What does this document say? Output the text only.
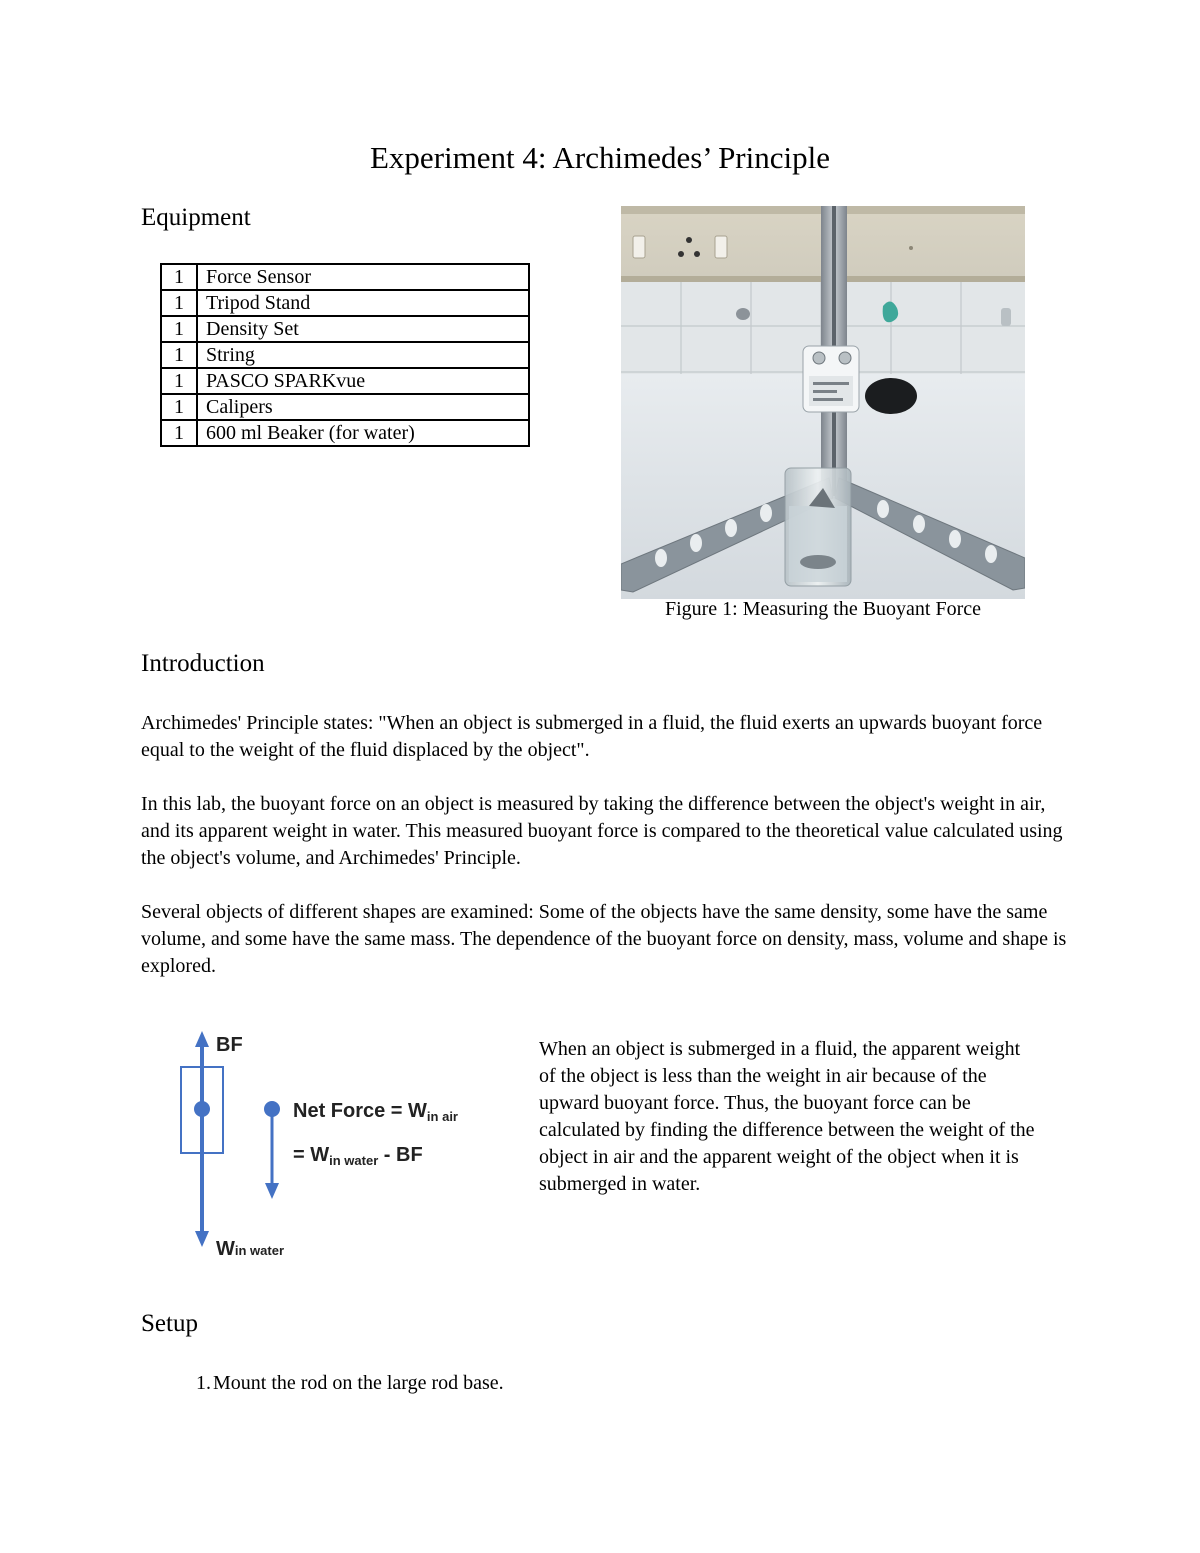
Experiment 4: Archimedes’ Principle
Equipment
1	Force Sensor
1	Tripod Stand
1	Density Set
1	String
1	PASCO SPARKvue
1	Calipers
1	600 ml Beaker (for water)
Figure 1: Measuring the Buoyant Force
Introduction
Archimedes' Principle states: "When an object is submerged in a fluid, the fluid exerts an upwards buoyant force equal to the weight of the fluid displaced by the object".
In this lab, the buoyant force on an object is measured by taking the difference between the object's weight in air, and its apparent weight in water. This measured buoyant force is compared to the theoretical value calculated using the object's volume, and Archimedes' Principle.
Several objects of different shapes are examined: Some of the objects have the same density, some have the same volume, and some have the same mass. The dependence of the buoyant force on density, mass, volume and shape is explored.
BF
Net Force = $W_{in air}$
= $W_{in water}$ - BF
Win water
When an object is submerged in a fluid, the apparent weight of the object is less than the weight in air because of the upward buoyant force. Thus, the buoyant force can be calculated by finding the difference between the weight of the object in air and the apparent weight of the object when it is submerged in water.
Setup
1. Mount the rod on the large rod base.
